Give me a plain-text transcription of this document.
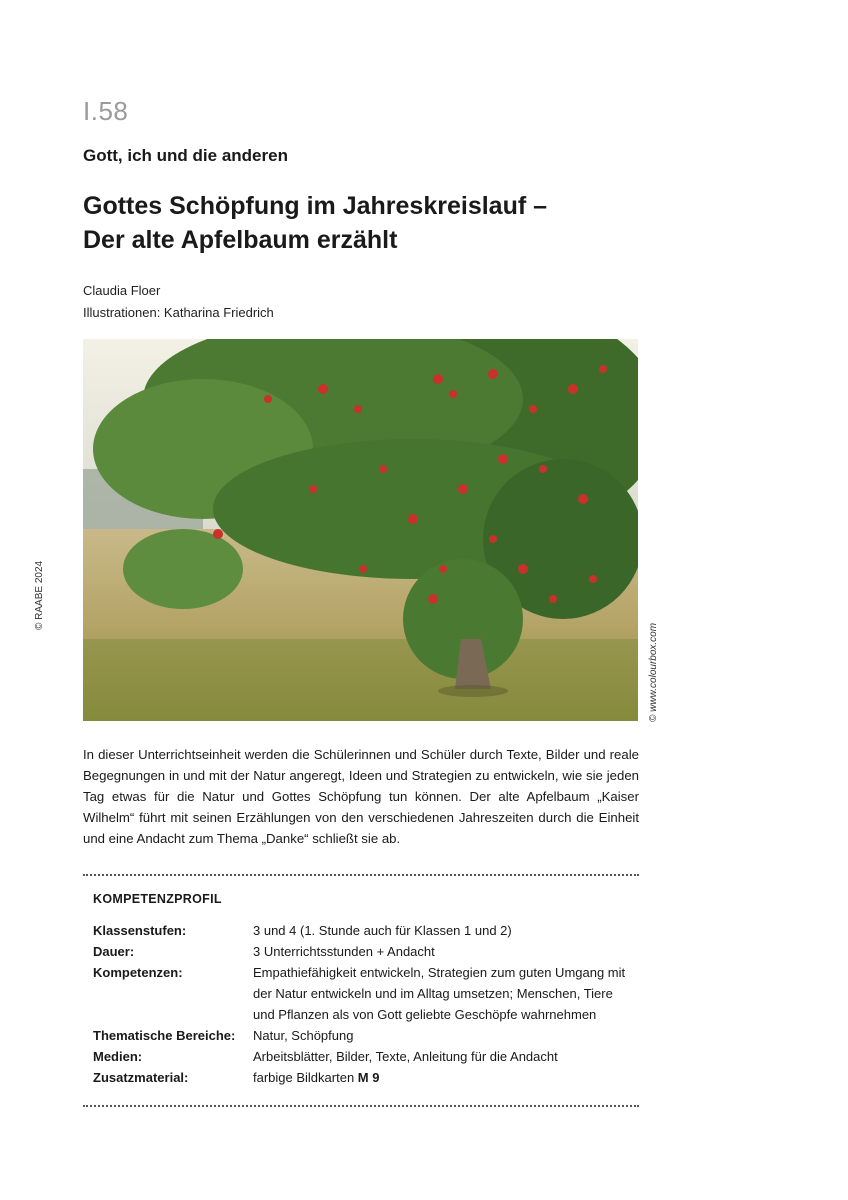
I.58
Gott, ich und die anderen
Gottes Schöpfung im Jahreskreislauf –
Der alte Apfelbaum erzählt
Claudia Floer
Illustrationen: Katharina Friedrich
© RAABE 2024
© www.colourbox.com
In dieser Unterrichtseinheit werden die Schülerinnen und Schüler durch Texte, Bilder und reale Begegnungen in und mit der Natur angeregt, Ideen und Strategien zu entwickeln, wie sie jeden Tag etwas für die Natur und Gottes Schöpfung tun können. Der alte Apfelbaum „Kaiser Wilhelm“ führt mit seinen Erzählungen von den verschiedenen Jahreszeiten durch die Einheit und eine Andacht zum Thema „Danke“ schließt sie ab.
KOMPETENZPROFIL
Klassenstufen:	3 und 4 (1. Stunde auch für Klassen 1 und 2)
Dauer:	3 Unterrichtsstunden + Andacht
Kompetenzen:	Empathiefähigkeit entwickeln, Strategien zum guten Umgang mit der Natur entwickeln und im Alltag umsetzen; Menschen, Tiere und Pflanzen als von Gott geliebte Geschöpfe wahrnehmen
Thematische Bereiche:	Natur, Schöpfung
Medien:	Arbeitsblätter, Bilder, Texte, Anleitung für die Andacht
Zusatzmaterial:	farbige Bildkarten M 9
